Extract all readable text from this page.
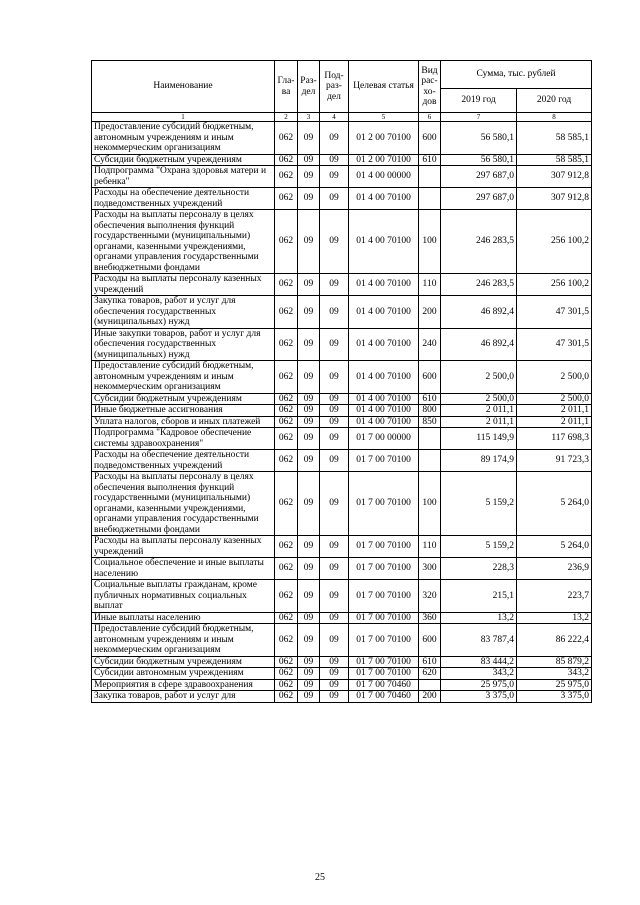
Наименование	Гла-ва	Раз-дел	Под-раз-дел	Целевая статья	Вид рас-хо-дов	Сумма, тыс. рублей	
						2019 год	2020 год
1	2	3	4	5	6	7	8
Предоставление субсидий бюджетным, автономным учреждениям и иным некоммерческим организациям	062	09	09	01 2 00 70100	600	56 580,1	58 585,1
Субсидии бюджетным учреждениям	062	09	09	01 2 00 70100	610	56 580,1	58 585,1
Подпрограмма "Охрана здоровья матери и ребенка"	062	09	09	01 4 00 00000		297 687,0	307 912,8
Расходы на обеспечение деятельности подведомственных учреждений	062	09	09	01 4 00 70100		297 687,0	307 912,8
Расходы на выплаты персоналу в целях обеспечения выполнения функций государственными (муниципальными) органами, казенными учреждениями, органами управления государственными внебюджетными фондами	062	09	09	01 4 00 70100	100	246 283,5	256 100,2
Расходы на выплаты персоналу казенных учреждений	062	09	09	01 4 00 70100	110	246 283,5	256 100,2
Закупка товаров, работ и услуг для обеспечения государственных (муниципальных) нужд	062	09	09	01 4 00 70100	200	46 892,4	47 301,5
Иные закупки товаров, работ и услуг для обеспечения государственных (муниципальных) нужд	062	09	09	01 4 00 70100	240	46 892,4	47 301,5
Предоставление субсидий бюджетным, автономным учреждениям и иным некоммерческим организациям	062	09	09	01 4 00 70100	600	2 500,0	2 500,0
Субсидии бюджетным учреждениям	062	09	09	01 4 00 70100	610	2 500,0	2 500,0
Иные бюджетные ассигнования	062	09	09	01 4 00 70100	800	2 011,1	2 011,1
Уплата налогов, сборов и иных платежей	062	09	09	01 4 00 70100	850	2 011,1	2 011,1
Подпрограмма "Кадровое обеспечение системы здравоохранения"	062	09	09	01 7 00 00000		115 149,9	117 698,3
Расходы на обеспечение деятельности подведомственных учреждений	062	09	09	01 7 00 70100		89 174,9	91 723,3
Расходы на выплаты персоналу в целях обеспечения выполнения функций государственными (муниципальными) органами, казенными учреждениями, органами управления государственными внебюджетными фондами	062	09	09	01 7 00 70100	100	5 159,2	5 264,0
Расходы на выплаты персоналу казенных учреждений	062	09	09	01 7 00 70100	110	5 159,2	5 264,0
Социальное обеспечение и иные выплаты населению	062	09	09	01 7 00 70100	300	228,3	236,9
Социальные выплаты гражданам, кроме публичных нормативных социальных выплат	062	09	09	01 7 00 70100	320	215,1	223,7
Иные выплаты населению	062	09	09	01 7 00 70100	360	13,2	13,2
Предоставление субсидий бюджетным, автономным учреждениям и иным некоммерческим организациям	062	09	09	01 7 00 70100	600	83 787,4	86 222,4
Субсидии бюджетным учреждениям	062	09	09	01 7 00 70100	610	83 444,2	85 879,2
Субсидии автономным учреждениям	062	09	09	01 7 00 70100	620	343,2	343,2
Мероприятия в сфере здравоохранения	062	09	09	01 7 00 70460		25 975,0	25 975,0
Закупка товаров, работ и услуг для	062	09	09	01 7 00 70460	200	3 375,0	3 375,0
25
